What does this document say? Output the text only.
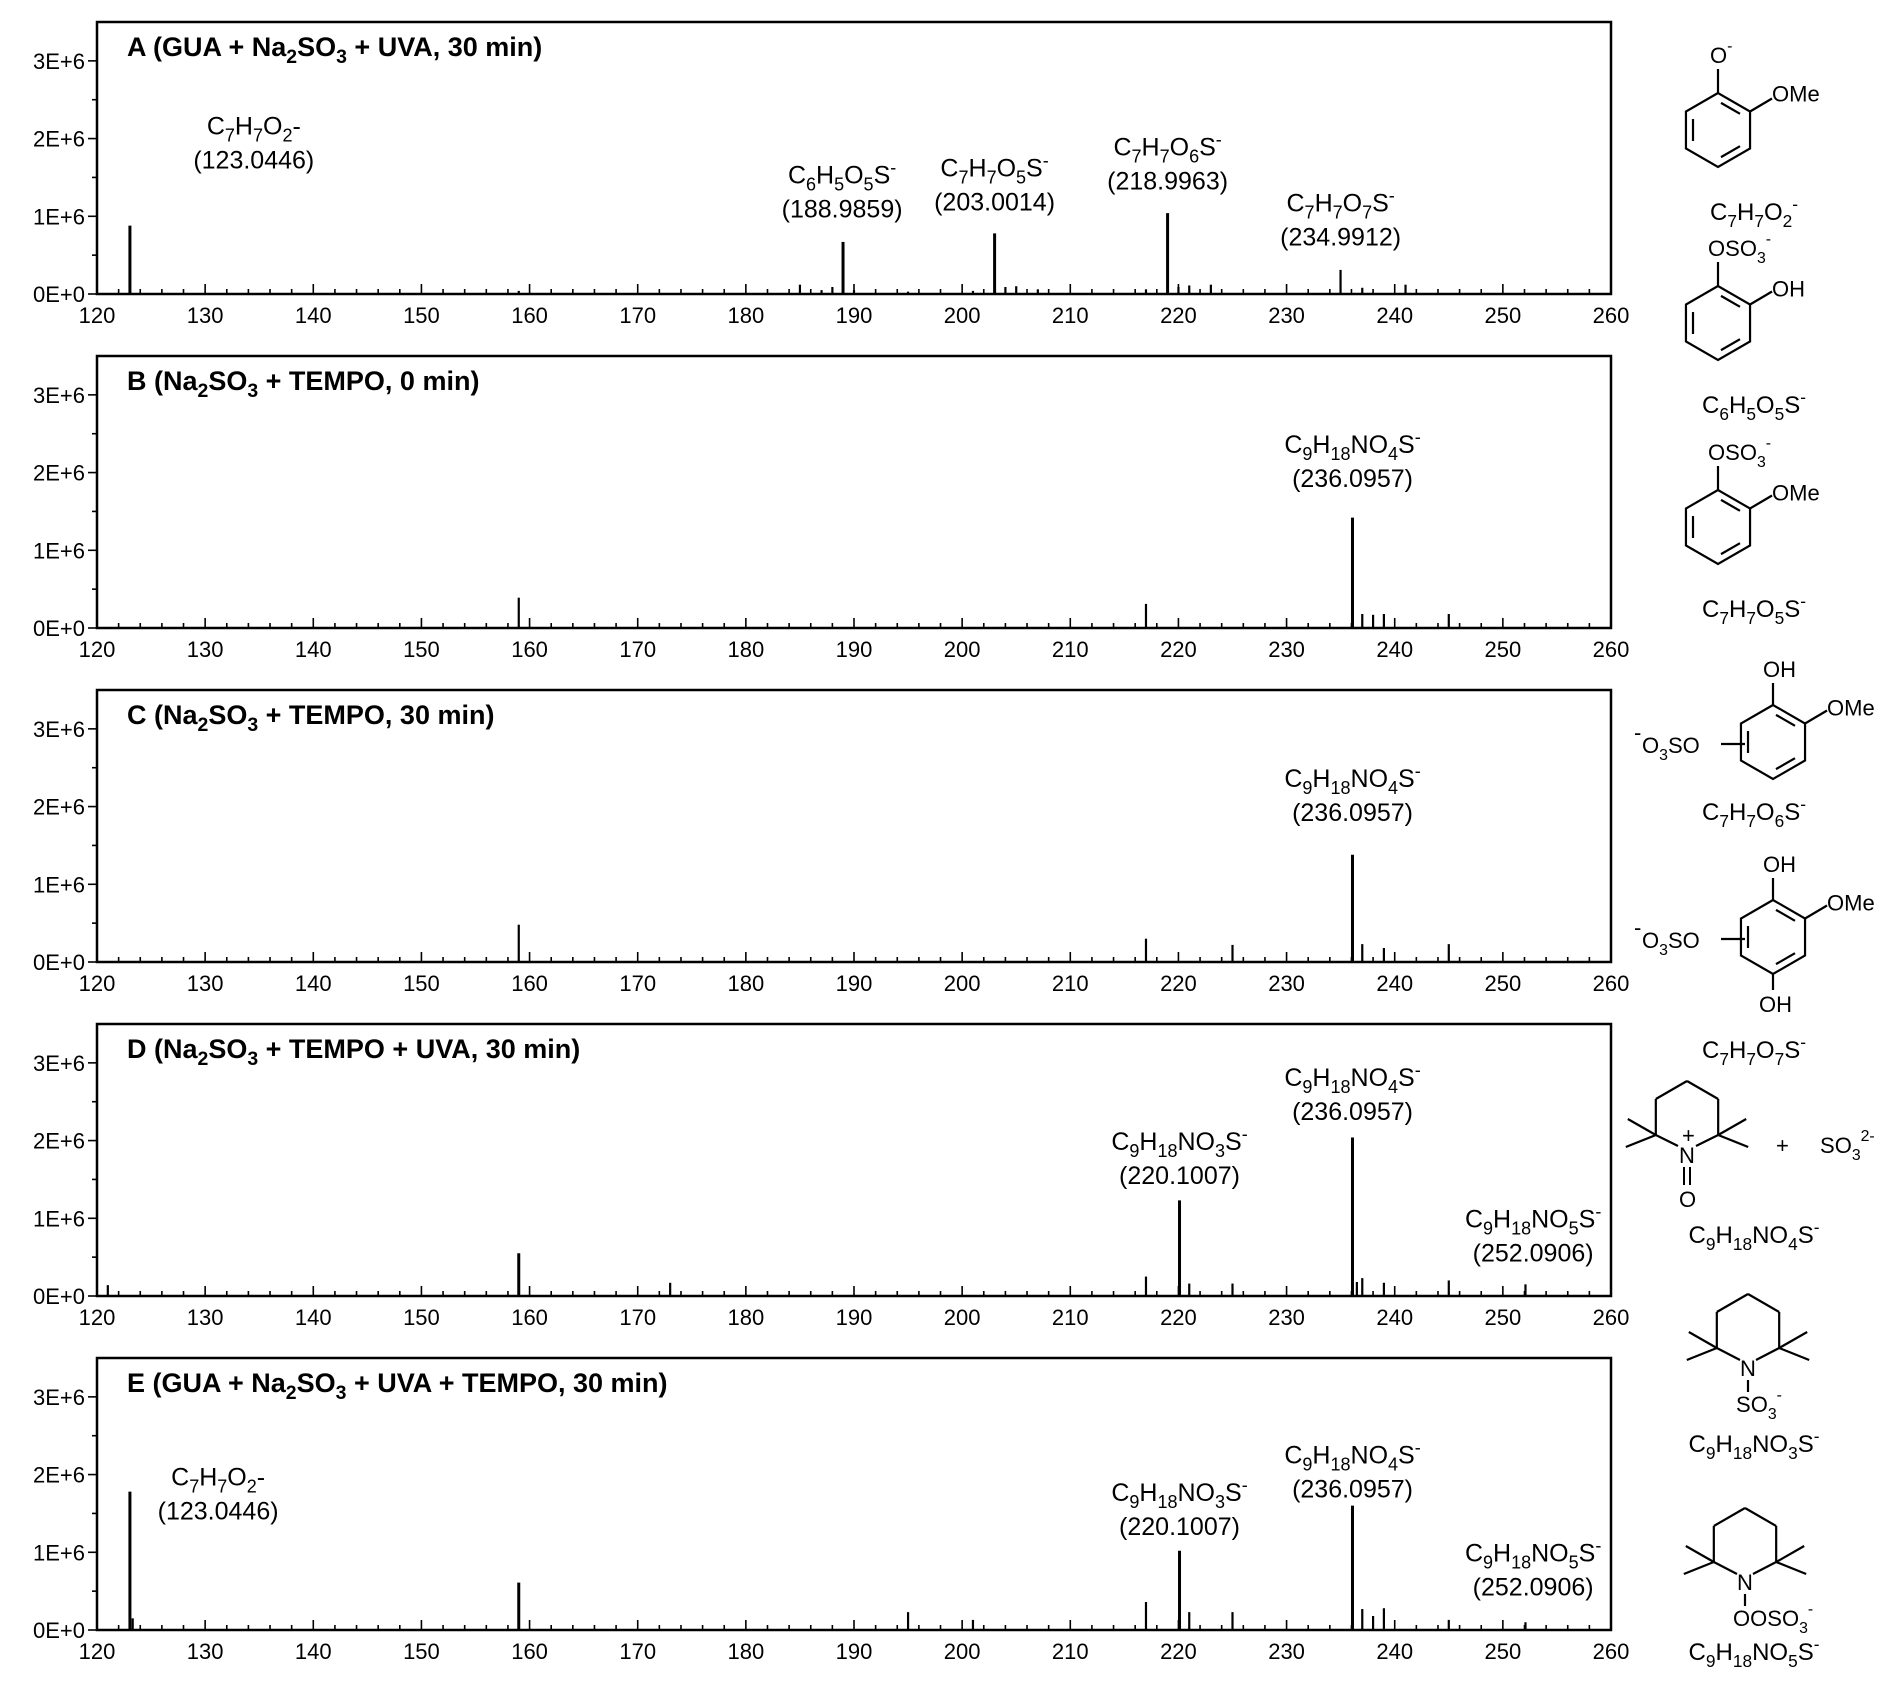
120	130	140	150	160	170	180	190	200	210	220	230	240	250	260
0E+0
1E+6
2E+6
3E+6 A ($GUA + Na_2SO_3$ + UVA, 30 min)
$C_7H_7O_2-$
(123.0446)
$C_6H_5O_5S^-$
(188.9859)
$C_7H_7O_5S^-$
(203.0014)
$C_7H_7O_6S^-$
(218.9963)
$C_7H_7O_7S^-$
(234.9912)
120	130	140	150	160	170	180	190	200	210	220	230	240	250	260
0E+0
1E+6
2E+6
3E+6 B ($Na_2SO_3$ + TEMPO, 0 min)
$C_9H_{18}NO_4S^-$
(236.0957)
120	130	140	150	160	170	180	190	200	210	220	230	240	250	260
0E+0
1E+6
2E+6
3E+6 C ($Na_2SO_3$ + TEMPO, 30 min)
$C_9H_{18}NO_4S^-$
(236.0957)
120	130	140	150	160	170	180	190	200	210	220	230	240	250	260
0E+0
1E+6
2E+6
3E+6 D ($Na_2SO_3$ + TEMPO + UVA, 30 min)
$C_9H_{18}NO_3S^-$
(220.1007)
$C_9H_{18}NO_4S^-$
(236.0957)
$C_9H_{18}NO_5S^-$
(252.0906)
120	130	140	150	160	170	180	190	200	210	220	230	240	250	260
0E+0
1E+6
2E+6
3E+6 E ($GUA + Na_2SO_3$ + UVA + TEMPO, 30 min)
$C_7H_7O_2-$
(123.0446)
$C_9H_{18}NO_3S^-$
(220.1007)
$C_9H_{18}NO_4S^-$
(236.0957)
$C_9H_{18}NO_5S^-$
(252.0906)
O-
OMe
$C_7H_7O_2^-$
$OSO_3^-$
OH
$C_6H_5O_5S^-$
$OSO_3^-$
OMe
$C_7H_7O_5S^-$
OH
OMe
-
$O_3SO$
$C_7H_7O_6S^-$
OH
OMe
-
$O_3SO$
OH
$C_7H_7O_7S^-$
N
+
O
+ $SO_3^{2-}$
$C_9H_{18}NO_4S^-$
N
$SO_3^-$
$C_9H_{18}NO_3S^-$
N
$OOSO_3^-$
$C_9H_{18}NO_5S^-$
